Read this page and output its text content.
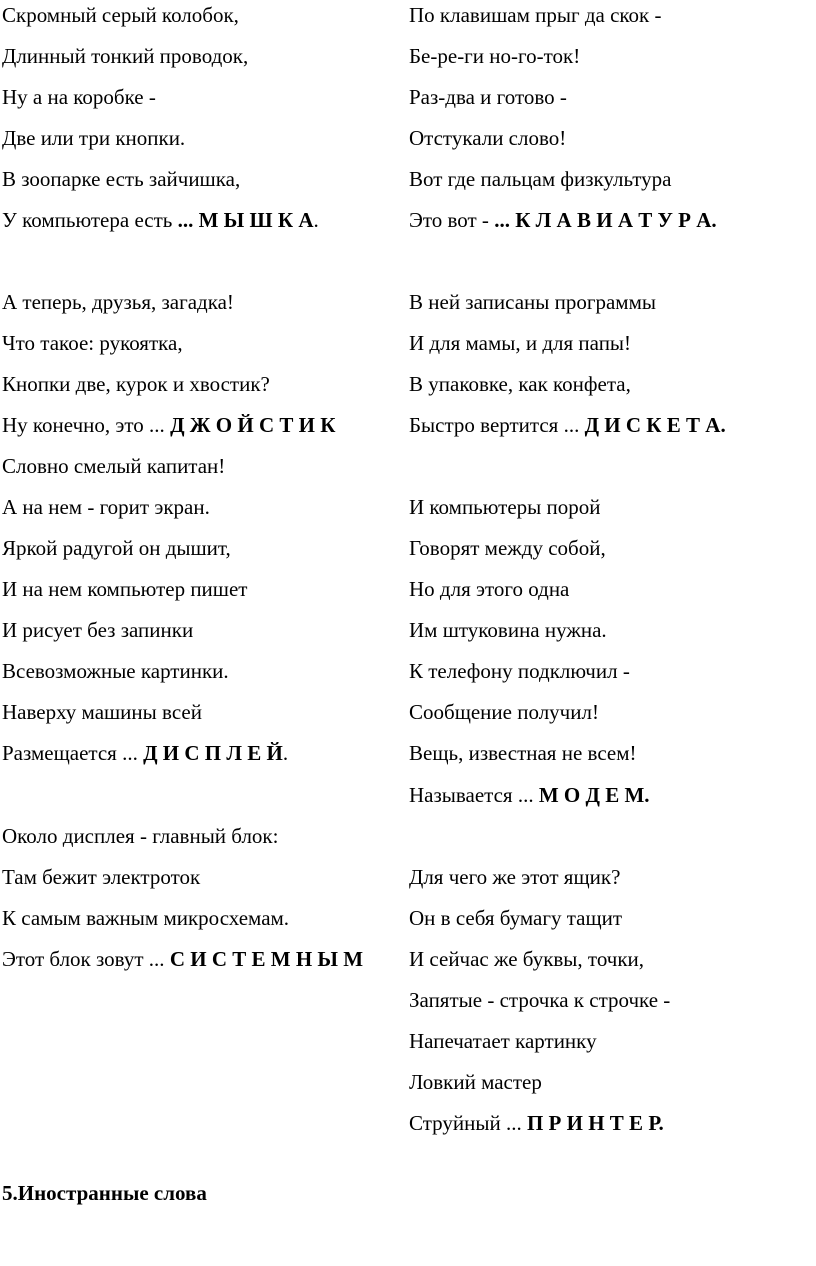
Скромный серый колобок,
Длинный тонкий проводок,
Ну а на коробке -
Две или три кнопки.
В зоопарке есть зайчишка,
У компьютера есть ... М Ы Ш К А.
А теперь, друзья, загадка!
Что такое: рукоятка,
Кнопки две, курок и хвостик?
Ну конечно, это ... Д Ж О Й С Т И К
Словно смелый капитан!
А на нем - горит экран.
Яркой радугой он дышит,
И на нем компьютер пишет
И рисует без запинки
Всевозможные картинки.
Наверху машины всей
Размещается ... Д И С П Л Е Й.
Около дисплея - главный блок:
Там бежит электроток
К самым важным микросхемам.
Этот блок зовут ... С И С Т Е М Н Ы М
По клавишам прыг да скок -
Бе-ре-ги но-го-ток!
Раз-два и готово -
Отстукали слово!
Вот где пальцам физкультура
Это вот - ... К Л А В И А Т У Р А.
В ней записаны программы
И для мамы, и для папы!
В упаковке, как конфета,
Быстро вертится ... Д И С К Е Т А.
И компьютеры порой
Говорят между собой,
Но для этого одна
Им штуковина нужна.
К телефону подключил -
Сообщение получил!
Вещь, известная не всем!
Называется ... М О Д Е М.
Для чего же этот ящик?
Он в себя бумагу тащит
И сейчас же буквы, точки,
Запятые - строчка к строчке -
Напечатает картинку
Ловкий мастер
Струйный ... П Р И Н Т Е Р.
5.Иностранные слова
